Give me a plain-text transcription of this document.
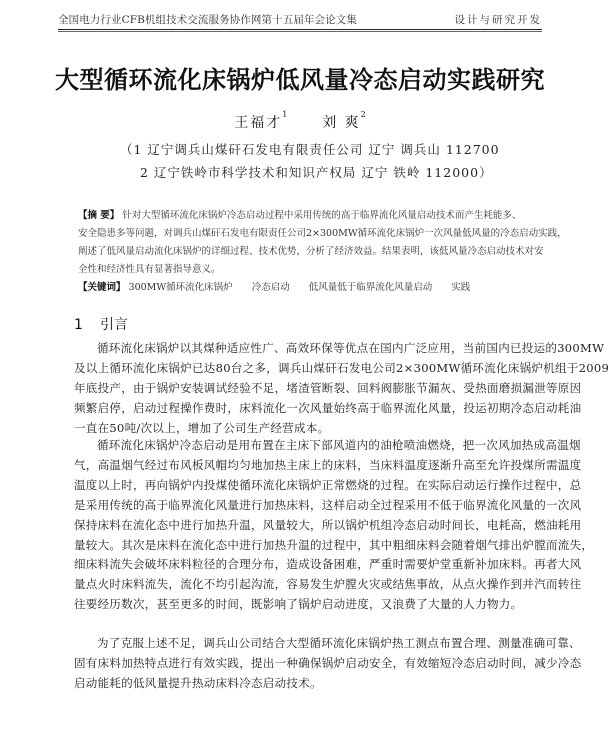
全国电力行业CFB机组技术交流服务协作网第十五届年会论文集	设计与研究开发
大型循环流化床锅炉低风量冷态启动实践研究
王福才$^1$  刘 爽$^2$
（1 辽宁调兵山煤矸石发电有限责任公司 辽宁 调兵山 112700
2 辽宁铁岭市科学技术和知识产权局 辽宁 铁岭 112000）
【摘 要】 针对大型循环流化床锅炉冷态启动过程中采用传统的高于临界流化风量启动技术而产生耗能多、
安全隐患多等问题，对调兵山煤矸石发电有限责任公司2×300MW循环流化床锅炉一次风量低风量的冷态启动实践，
阐述了低风量启动流化床锅炉的详细过程、技术优势，分析了经济效益。结果表明，该低风量冷态启动技术对安
全性和经济性具有显著指导意义。
【关键词】 300MW循环流化床锅炉 冷态启动 低风量低于临界流化风量启动 实践
1 引言
循环流化床锅炉以其煤种适应性广、高效环保等优点在国内广泛应用，当前国内已投运的300MW
及以上循环流化床锅炉已达80台之多，调兵山煤矸石发电公司2×300MW循环流化床锅炉机组于2009
年底投产，由于锅炉安装调试经验不足，堵渣管断裂、回料阀膨胀节漏灰、受热面磨损漏泄等原因
频繁启停，启动过程操作费时，床料流化一次风量始终高于临界流化风量，投运初期冷态启动耗油
一直在50吨/次以上，增加了公司生产经营成本。
循环流化床锅炉冷态启动是用布置在主床下部风道内的油枪喷油燃烧，把一次风加热成高温烟
气，高温烟气经过布风板风帽均匀地加热主床上的床料，当床料温度逐渐升高至允许投煤所需温度
温度以上时，再向锅炉内投煤使循环流化床锅炉正常燃烧的过程。在实际启动运行操作过程中，总
是采用传统的高于临界流化风量进行加热床料，这样启动全过程采用不低于临界流化风量的一次风
保持床料在流化态中进行加热升温，风量较大，所以锅炉机组冷态启动时间长，电耗高，燃油耗用
量较大。其次是床料在流化态中进行加热升温的过程中，其中粗细床料会随着烟气排出炉膛而流失，
细床料流失会破坏床料粒径的合理分布，造成设备困难，严重时需要炉堂重新补加床料。再者大风
量点火时床料流失，流化不均引起沟流，容易发生炉膛火灾或结焦事故，从点火操作到并汽而转往
往要经历数次，甚至更多的时间，既影响了锅炉启动进度，又浪费了大量的人力物力。
为了克服上述不足，调兵山公司结合大型循环流化床锅炉热工测点布置合理、测量准确可靠、
固有床料加热特点进行有效实践，提出一种确保锅炉启动安全，有效缩短冷态启动时间，减少冷态
启动能耗的低风量提升热动床料冷态启动技术。
